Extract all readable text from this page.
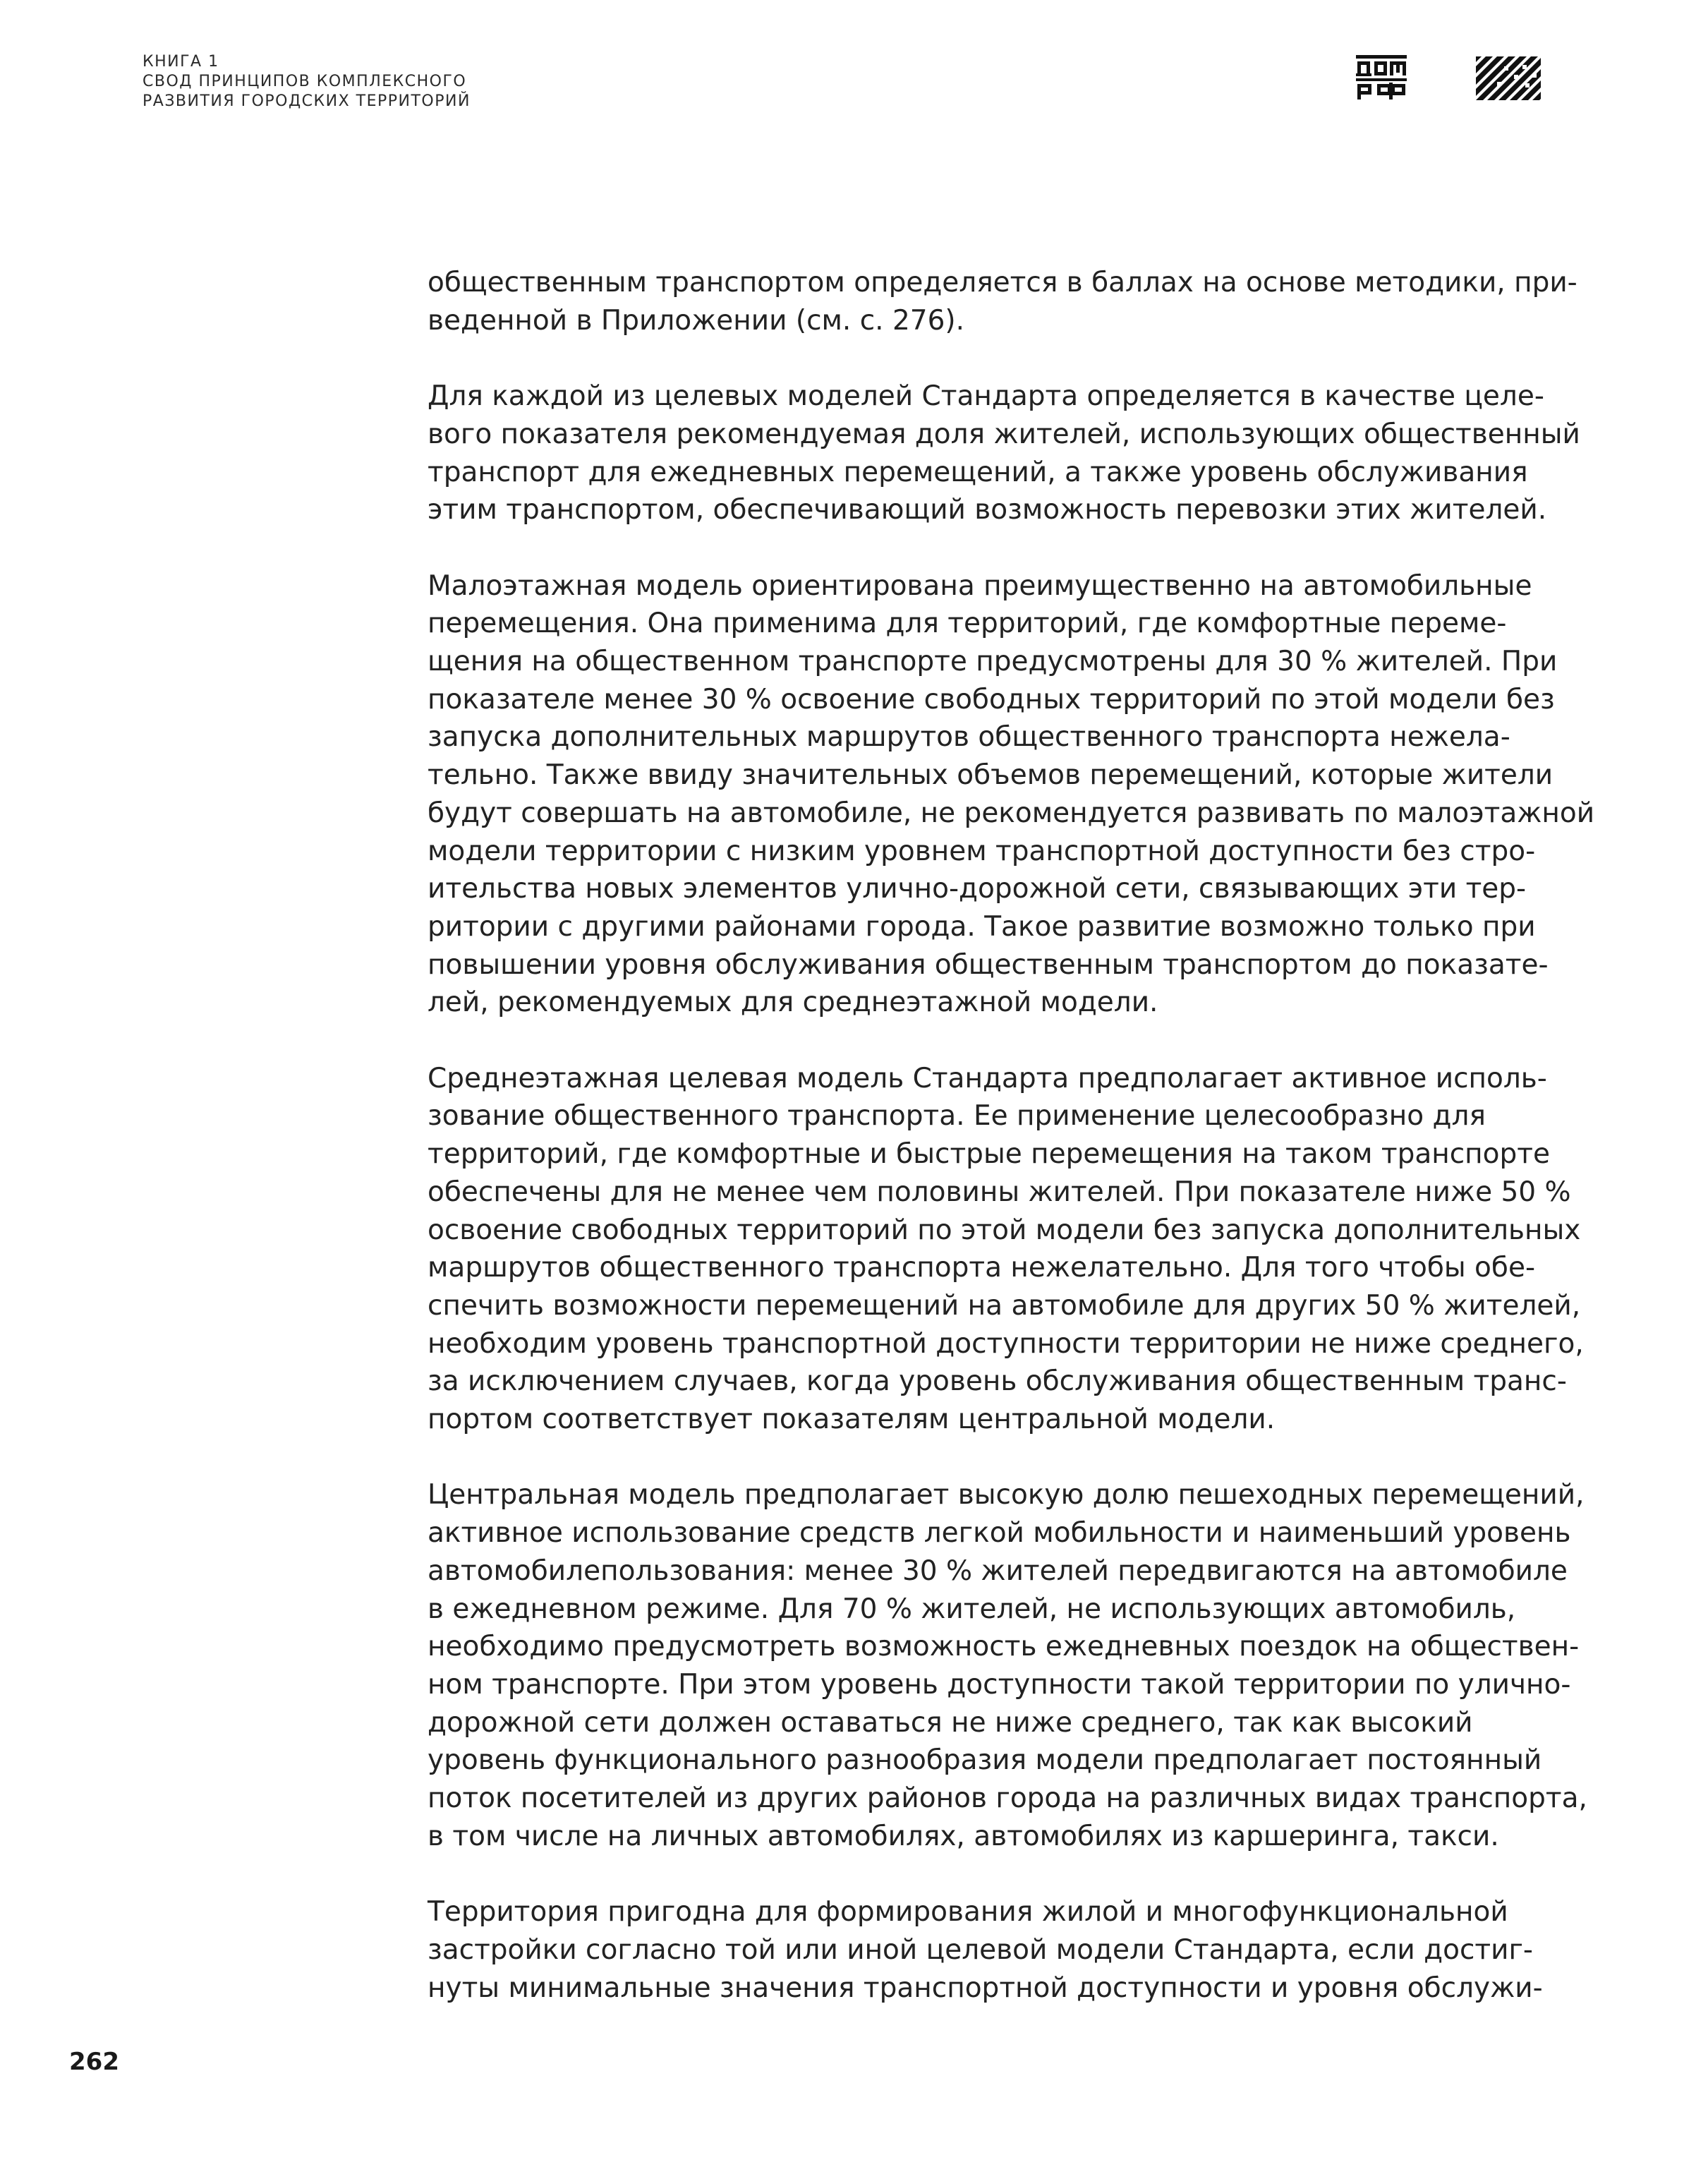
КНИГА 1
СВОД ПРИНЦИПОВ КОМПЛЕКСНОГО
РАЗВИТИЯ ГОРОДСКИХ ТЕРРИТОРИЙ
общественным транспортом определяется в баллах на основе методики, при-
веденной в Приложении (см. с. 276).
Для каждой из целевых моделей Стандарта определяется в качестве целе-
вого показателя рекомендуемая доля жителей, использующих общественный
транспорт для ежедневных перемещений, а также уровень обслуживания
этим транспортом, обеспечивающий возможность перевозки этих жителей.
Малоэтажная модель ориентирована преимущественно на автомобильные
перемещения. Она применима для территорий, где комфортные переме-
щения на общественном транспорте предусмотрены для 30 % жителей. При
показателе менее 30 % освоение свободных территорий по этой модели без
запуска дополнительных маршрутов общественного транспорта нежела-
тельно. Также ввиду значительных объемов перемещений, которые жители
будут совершать на автомобиле, не рекомендуется развивать по малоэтажной
модели территории с низким уровнем транспортной доступности без стро-
ительства новых элементов улично-дорожной сети, связывающих эти тер-
ритории с другими районами города. Такое развитие возможно только при
повышении уровня обслуживания общественным транспортом до показате-
лей, рекомендуемых для среднеэтажной модели.
Среднеэтажная целевая модель Стандарта предполагает активное исполь-
зование общественного транспорта. Ее применение целесообразно для
территорий, где комфортные и быстрые перемещения на таком транспорте
обеспечены для не менее чем половины жителей. При показателе ниже 50 %
освоение свободных территорий по этой модели без запуска дополнительных
маршрутов общественного транспорта нежелательно. Для того чтобы обе-
спечить возможности перемещений на автомобиле для других 50 % жителей,
необходим уровень транспортной доступности территории не ниже среднего,
за исключением случаев, когда уровень обслуживания общественным транс-
портом соответствует показателям центральной модели.
Центральная модель предполагает высокую долю пешеходных перемещений,
активное использование средств легкой мобильности и наименьший уровень
автомобилепользования: менее 30 % жителей передвигаются на автомобиле
в ежедневном режиме. Для 70 % жителей, не использующих автомобиль,
необходимо предусмотреть возможность ежедневных поездок на обществен-
ном транспорте. При этом уровень доступности такой территории по улично-
дорожной сети должен оставаться не ниже среднего, так как высокий
уровень функционального разнообразия модели предполагает постоянный
поток посетителей из других районов города на различных видах транспорта,
в том числе на личных автомобилях, автомобилях из каршеринга, такси.
Территория пригодна для формирования жилой и многофункциональной
застройки согласно той или иной целевой модели Стандарта, если достиг-
нуты минимальные значения транспортной доступности и уровня обслужи-
262
